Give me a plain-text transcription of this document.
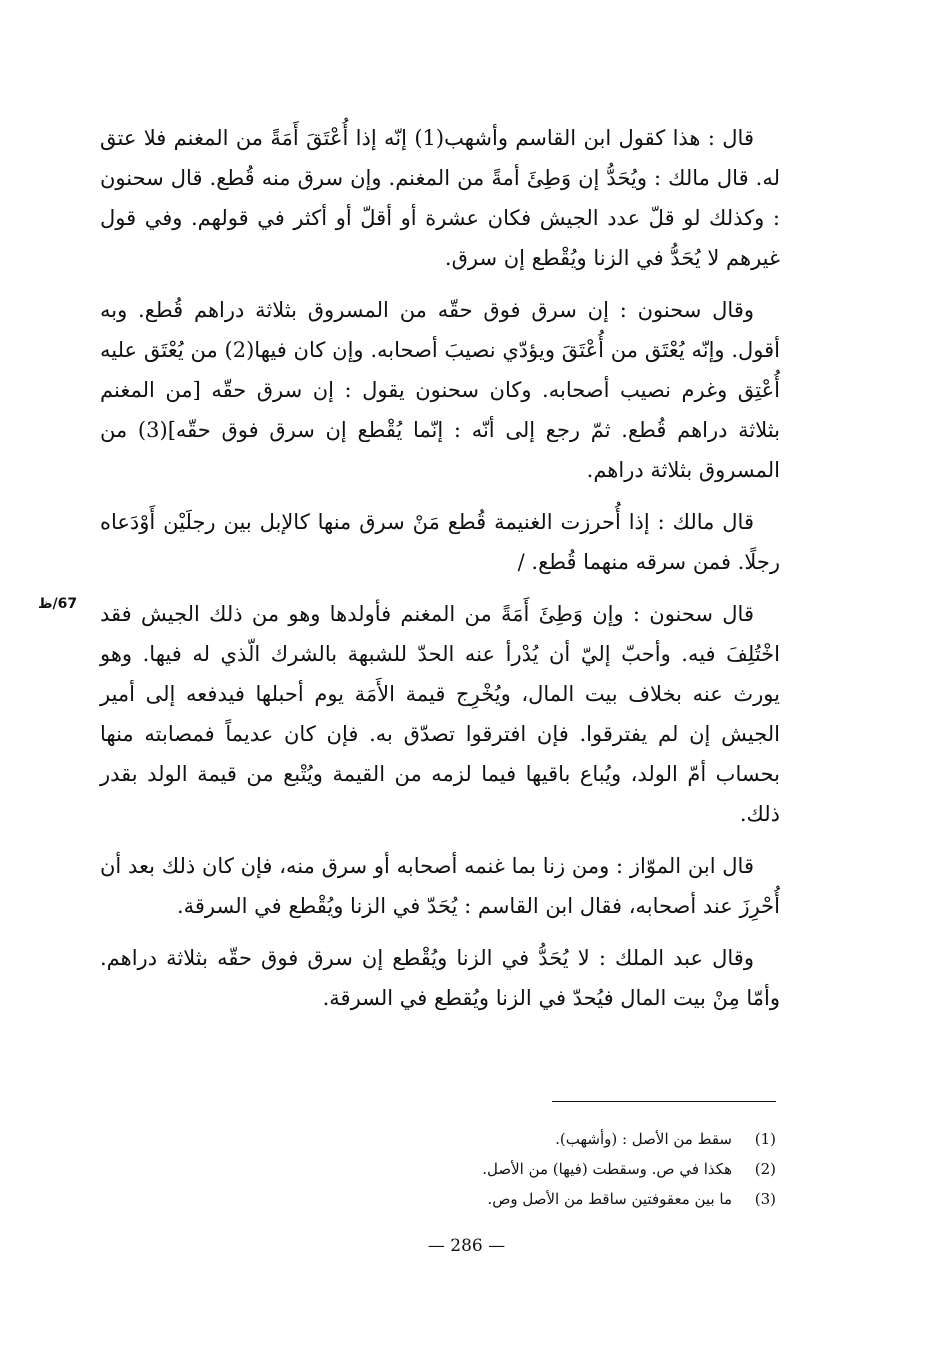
قال : هذا كقول ابن القاسم وأشهب(1) إنّه إذا أُعْتَقَ أَمَةً من المغنم فلا عتق له. قال مالك : ويُحَدُّ إن وَطِئَ أمةً من المغنم. وإن سرق منه قُطع. قال سحنون : وكذلك لو قلّ عدد الجيش فكان عشرة أو أقلّ أو أكثر في قولهم. وفي قول غيرهم لا يُحَدُّ في الزنا ويُقْطع إن سرق.

وقال سحنون : إن سرق فوق حقّه من المسروق بثلاثة دراهم قُطع. وبه أقول. وإنّه يُعْتَق من أُعْتَقَ ويؤدّي نصيبَ أصحابه. وإن كان فيها(2) من يُعْتَق عليه أُعْتِق وغرم نصيب أصحابه. وكان سحنون يقول : إن سرق حقّه [من المغنم بثلاثة دراهم قُطع. ثمّ رجع إلى أنّه : إنّما يُقْطع إن سرق فوق حقّه](3) من المسروق بثلاثة دراهم.

قال مالك : إذا أُحرزت الغنيمة قُطع مَنْ سرق منها كالإبل بين رجلَيْن أَوْدَعاه رجلًا. فمن سرقه منهما قُطع. /

قال سحنون : وإن وَطِئَ أَمَةً من المغنم فأولدها وهو من ذلك الجيش فقد اخْتُلِفَ فيه. وأحبّ إليّ أن يُدْرأ عنه الحدّ للشبهة بالشرك الّذي له فيها. وهو يورث عنه بخلاف بيت المال، ويُخْرِج قيمة الأَمَة يوم أحبلها فيدفعه إلى أمير الجيش إن لم يفترقوا. فإن افترقوا تصدّق به. فإن كان عديماً فمصابته منها بحساب أمّ الولد، ويُباع باقيها فيما لزمه من القيمة ويُتْبع من قيمة الولد بقدر ذلك.

قال ابن الموّاز : ومن زنا بما غنمه أصحابه أو سرق منه، فإن كان ذلك بعد أن أُحْرِزَ عند أصحابه، فقال ابن القاسم : يُحَدّ في الزنا ويُقْطع في السرقة.

وقال عبد الملك : لا يُحَدُّ في الزنا ويُقْطع إن سرق فوق حقّه بثلاثة دراهم. وأمّا مِنْ بيت المال فيُحدّ في الزنا ويُقطع في السرقة.

67/ظ
(1)
سقط من الأصل : (وأشهب).
(2)
هكذا في ص. وسقطت (فيها) من الأصل.
(3)
ما بين معقوفتين ساقط من الأصل وص.
— 286 —
